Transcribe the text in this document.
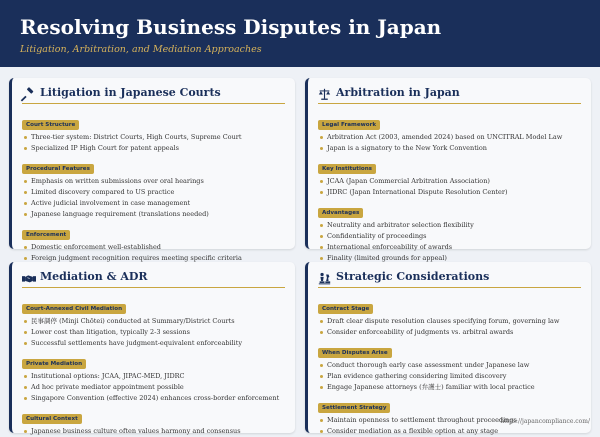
Resolving Business Disputes in Japan
Litigation, Arbitration, and Mediation Approaches
Litigation in Japanese Courts
Court Structure
Three-tier system: District Courts, High Courts, Supreme Court
Specialized IP High Court for patent appeals
Procedural Features
Emphasis on written submissions over oral hearings
Limited discovery compared to US practice
Active judicial involvement in case management
Japanese language requirement (translations needed)
Enforcement
Domestic enforcement well-established
Foreign judgment recognition requires meeting specific criteria
Arbitration in Japan
Legal Framework
Arbitration Act (2003, amended 2024) based on UNCITRAL Model Law
Japan is a signatory to the New York Convention
Key Institutions
JCAA (Japan Commercial Arbitration Association)
JIDRC (Japan International Dispute Resolution Center)
Advantages
Neutrality and arbitrator selection flexibility
Confidentiality of proceedings
International enforceability of awards
Finality (limited grounds for appeal)
Mediation & ADR
Court-Annexed Civil Mediation
民事調停 (Minji Chōtei) conducted at Summary/District Courts
Lower cost than litigation, typically 2-3 sessions
Successful settlements have judgment-equivalent enforceability
Private Mediation
Institutional options: JCAA, JIPAC-MED, JIDRC
Ad hoc private mediator appointment possible
Singapore Convention (effective 2024) enhances cross-border enforcement
Cultural Context
Japanese business culture often values harmony and consensus
Strategic Considerations
Contract Stage
Draft clear dispute resolution clauses specifying forum, governing law
Consider enforceability of judgments vs. arbitral awards
When Disputes Arise
Conduct thorough early case assessment under Japanese law
Plan evidence gathering considering limited discovery
Engage Japanese attorneys (弁護士) familiar with local practice
Settlement Strategy
Maintain openness to settlement throughout proceedings
Consider mediation as a flexible option at any stage
https://japancompliance.com/
